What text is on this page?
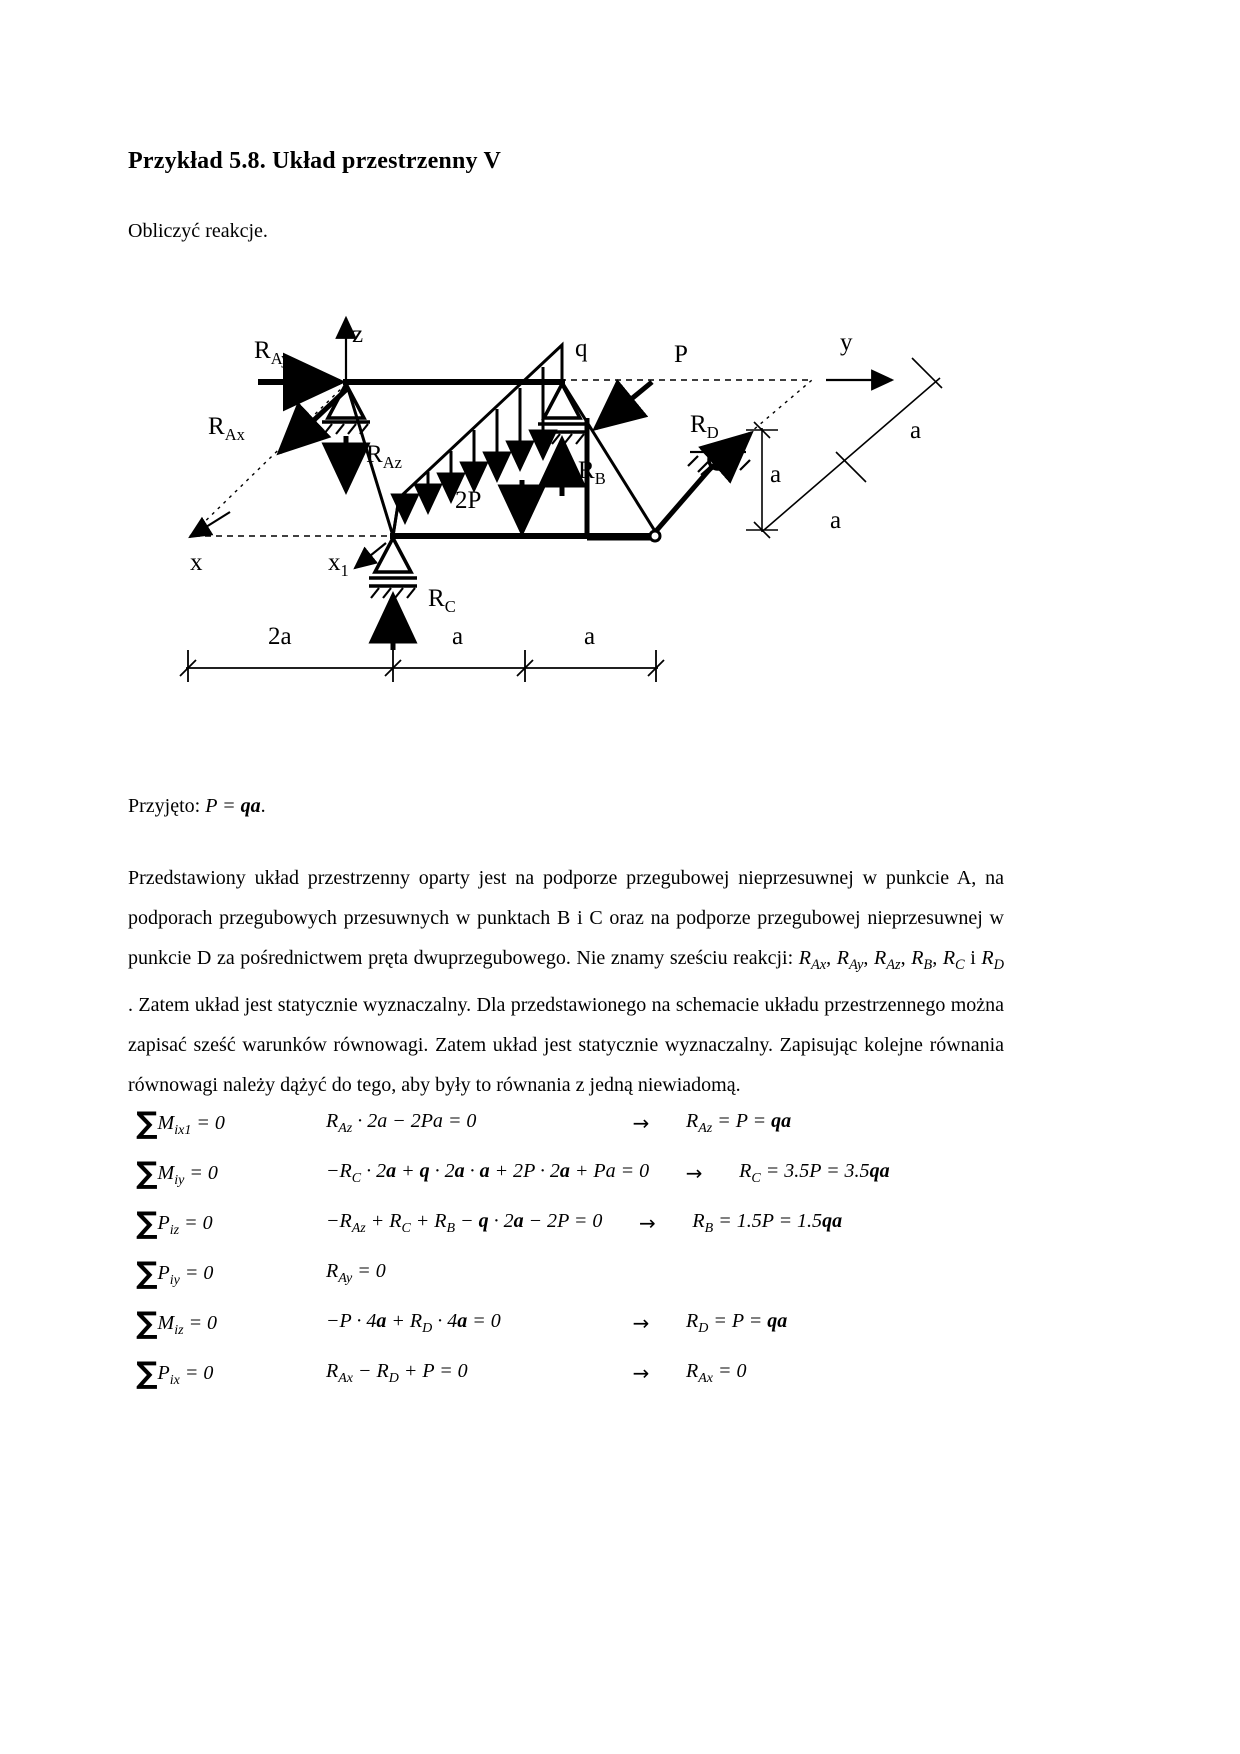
Przykład 5.8. Układ przestrzenny V
Obliczyć reakcje.
z	y
x	$x_1$
q	P
2P
$R_{Ay}$
$R_{Ax}$
$R_{Az}$	$R_B$
$R_C$
$R_D$
a
a
a
2a	a	a
Przyjęto: P = qa.

Przedstawiony układ przestrzenny oparty jest na podporze przegubowej nieprzesuwnej w punkcie A, na podporach przegubowych przesuwnych w punktach B i C oraz na podporze przegubowej nieprzesuwnej w punkcie D za pośrednictwem pręta dwuprzegubowego. Nie znamy sześciu reakcji: $R_{Ax}$, $R_{Ay}$, $R_{Az}$, $R_B$, $R_C$ i $R_D$ . Zatem układ jest statycznie wyznaczalny. Dla przedstawionego na schemacie układu przestrzennego można zapisać sześć warunków równowagi. Zatem układ jest statycznie wyznaczalny. Zapisując kolejne równania równowagi należy dążyć do tego, aby były to równania z jedną niewiadomą.

$\sum M_{ix1} = 0$	$R_{Az} \cdot 2a - 2Pa = 0$	→	$R_{Az} = P$ = qa
$\sum M_{iy} = 0$	$-R_C \cdot 2a + q \cdot 2a \cdot a + 2P \cdot 2a + Pa = 0$	→	$R_C = 3.5P = 3.5qa$
$\sum P_{iz} = 0$	$-R_{Az} + R_C + R_B - q \cdot 2a - 2P = 0$	→	$R_B = 1.5P = 1.5qa$
$\sum P_{iy} = 0$	$R_{Ay} = 0$
$\sum M_{iz} = 0$	$-P \cdot 4a + R_D \cdot 4a = 0$	→	$R_D = P$ = qa
$\sum P_{ix} = 0$	$R_{Ax} - R_D + P = 0$	→	$R_{Ax} = 0$
